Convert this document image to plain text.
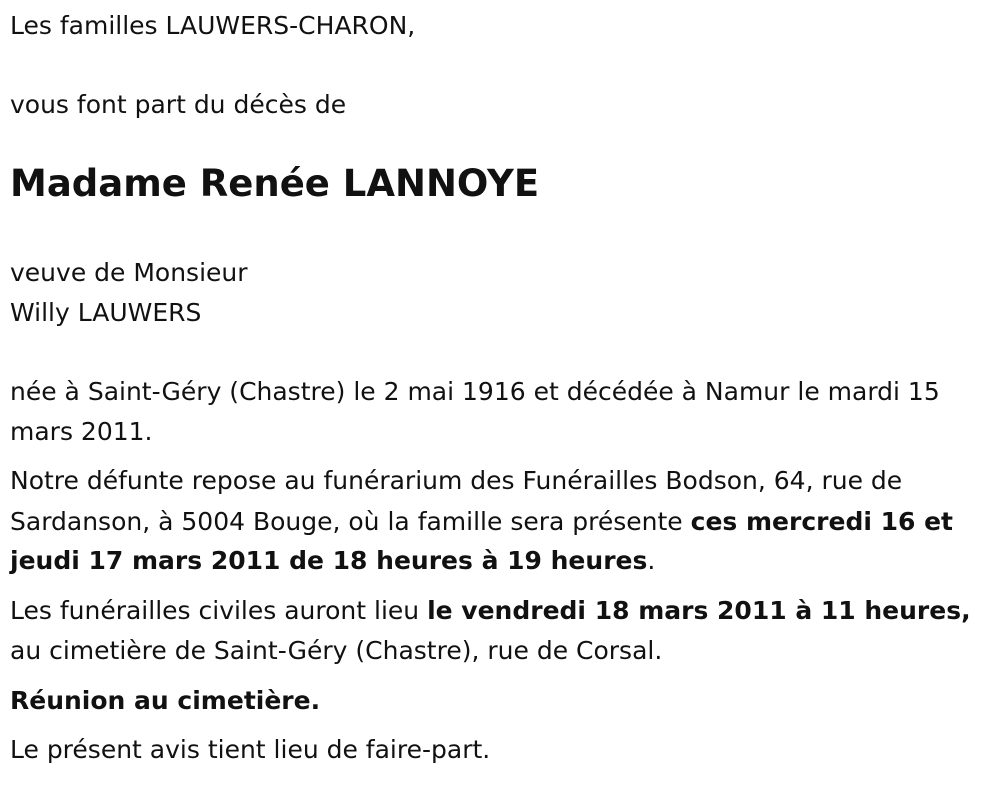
Les familles LAUWERS-CHARON,
vous font part du décès de
Madame Renée LANNOYE
veuve de Monsieur
Willy LAUWERS
née à Saint-Géry (Chastre) le 2 mai 1916 et décédée à Namur le mardi 15
mars 2011.
Notre défunte repose au funérarium des Funérailles Bodson, 64, rue de
Sardanson, à 5004 Bouge, où la famille sera présente ces mercredi 16 et
jeudi 17 mars 2011 de 18 heures à 19 heures.
Les funérailles civiles auront lieu le vendredi 18 mars 2011 à 11 heures,
au cimetière de Saint-Géry (Chastre), rue de Corsal.
Réunion au cimetière.
Le présent avis tient lieu de faire-part.
